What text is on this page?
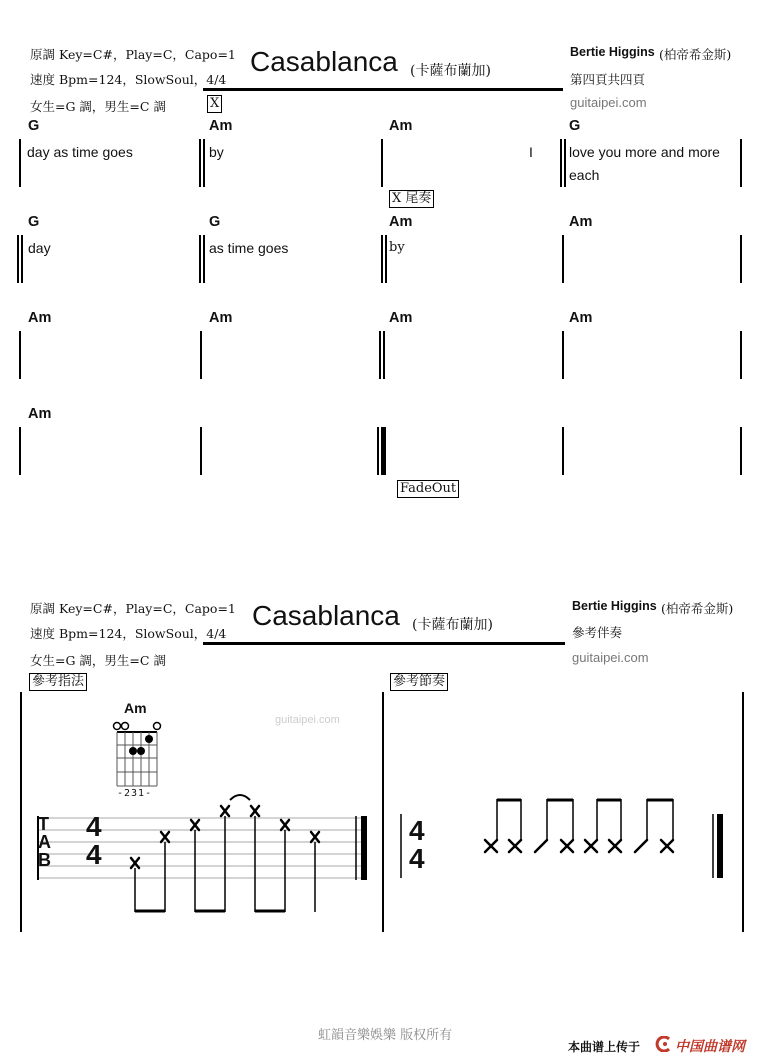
原調 Key=C#，Play=C，Capo=1
速度 Bpm=124，SlowSoul，4/4
女生=G 調，男生=C 調
Casablanca (卡薩布蘭加)
Bertie Higgins (柏帝希金斯)
第四頁共四頁
guitaipei.com
X
G	Am	Am	G
day as time goes	by	I	love you more and more
each
X 尾奏
G	G	Am	Am
day	as time goes	by
Am	Am	Am	Am
Am
FadeOut
原調 Key=C#，Play=C，Capo=1
速度 Bpm=124，SlowSoul，4/4
女生=G 調，男生=C 調
Casablanca (卡薩布蘭加)
Bertie Higgins (柏帝希金斯)
參考伴奏
guitaipei.com
參考指法	參考節奏
Am
-231-
guitaipei.com
T
A
B
4
4
4
4
虹韻音樂娛樂 版权所有
本曲谱上传于 中国曲谱网
